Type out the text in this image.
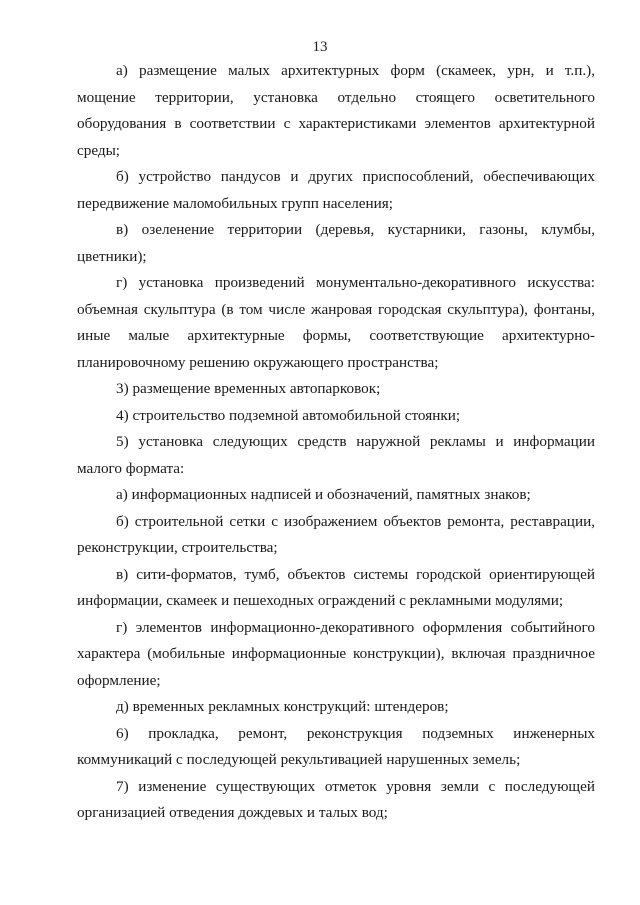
13

а) размещение малых архитектурных форм (скамеек, урн, и т.п.), мощение территории, установка отдельно стоящего осветительного оборудования в соответствии с характеристиками элементов архитектурной среды;

б) устройство пандусов и других приспособлений, обеспечивающих передвижение маломобильных групп населения;

в) озеленение территории (деревья, кустарники, газоны, клумбы, цветники);

г) установка произведений монументально-декоративного искусства: объемная скульптура (в том числе жанровая городская скульптура), фонтаны, иные малые архитектурные формы, соответствующие архитектурно-планировочному решению окружающего пространства;

3) размещение временных автопарковок;

4) строительство подземной автомобильной стоянки;

5) установка следующих средств наружной рекламы и информации малого формата:

а) информационных надписей и обозначений, памятных знаков;

б) строительной сетки с изображением объектов ремонта, реставрации, реконструкции, строительства;

в) сити-форматов, тумб, объектов системы городской ориентирующей информации, скамеек и пешеходных ограждений с рекламными модулями;

г) элементов информационно-декоративного оформления событийного характера (мобильные информационные конструкции), включая праздничное оформление;

д) временных рекламных конструкций: штендеров;

6) прокладка, ремонт, реконструкция подземных инженерных коммуникаций с последующей рекультивацией нарушенных земель;

7) изменение существующих отметок уровня земли с последующей организацией отведения дождевых и талых вод;
